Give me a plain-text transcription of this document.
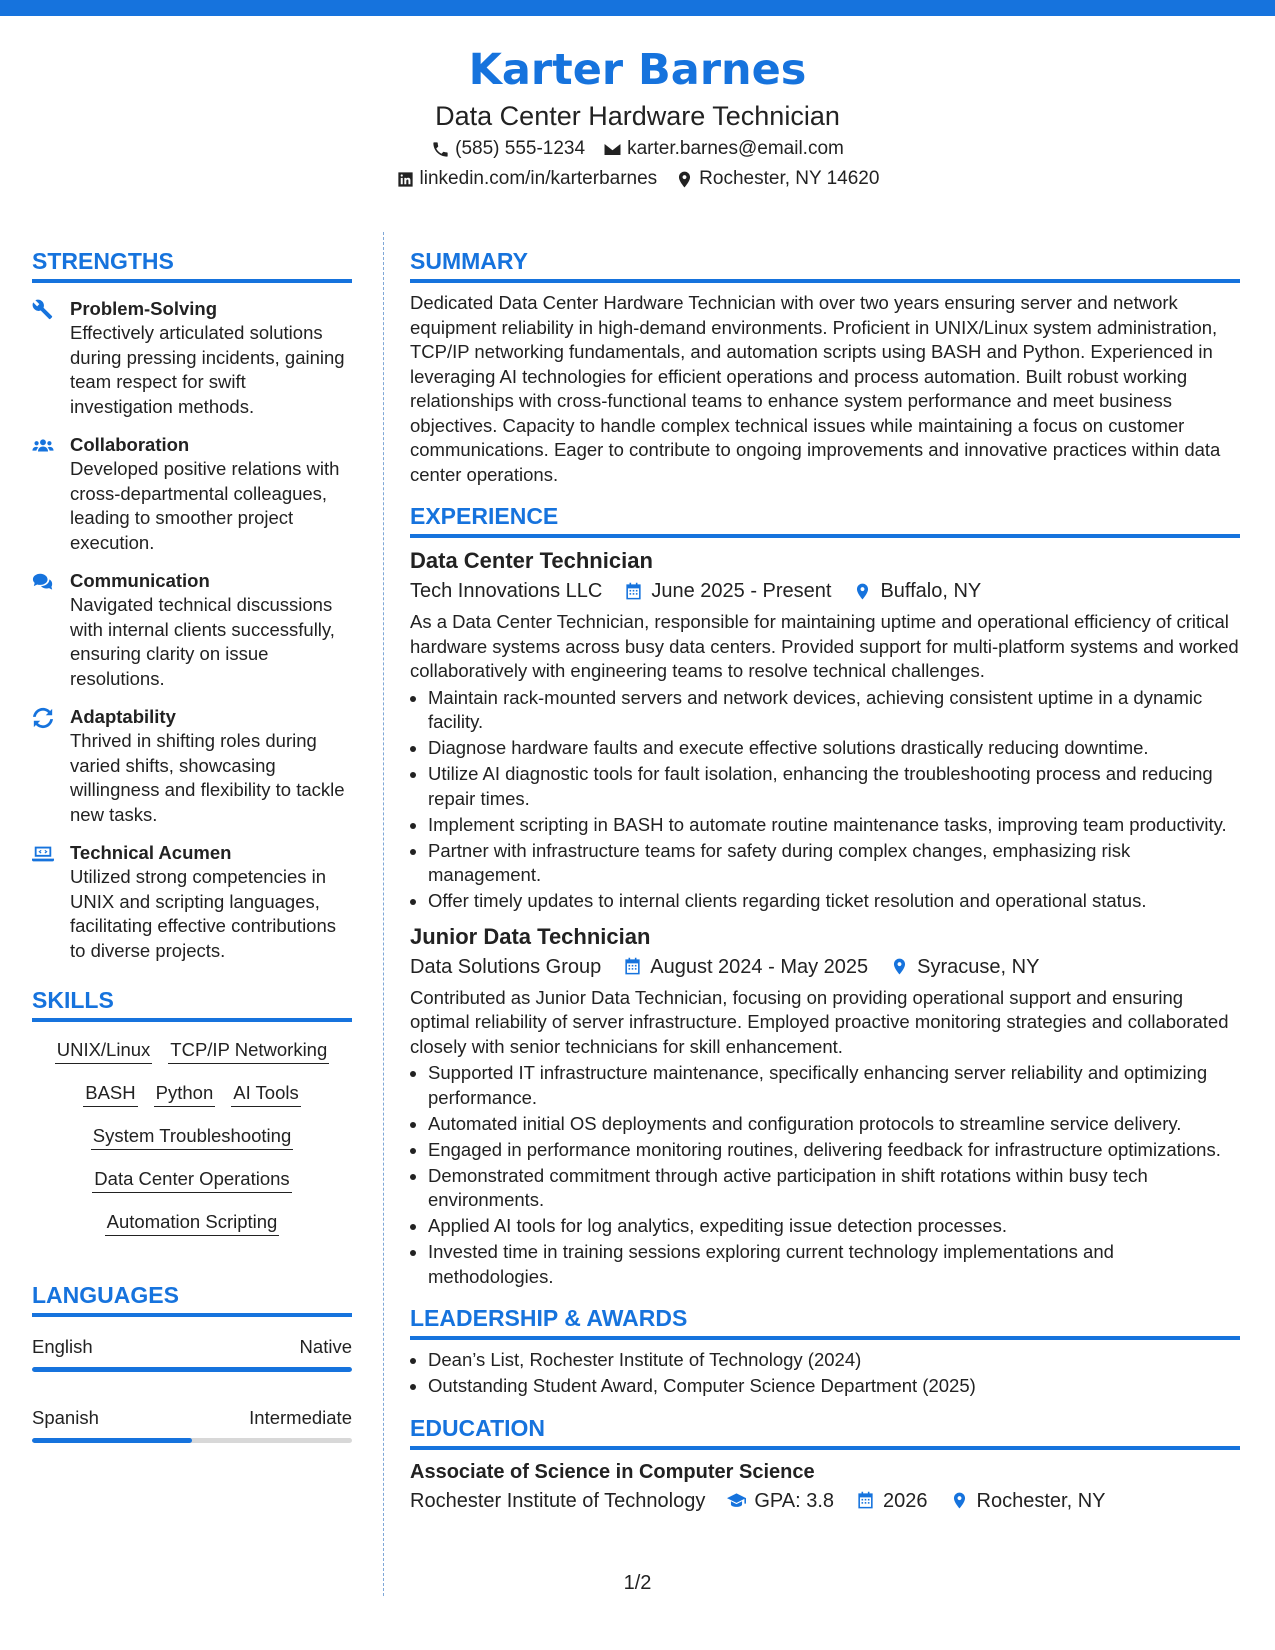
Karter Barnes
Data Center Hardware Technician
(585) 555-1234 karter.barnes@email.com
linkedin.com/in/karterbarnes Rochester, NY 14620
STRENGTHS
Problem-Solving
Effectively articulated solutions during pressing incidents, gaining team respect for swift investigation methods.
Collaboration
Developed positive relations with cross-departmental colleagues, leading to smoother project execution.
Communication
Navigated technical discussions with internal clients successfully, ensuring clarity on issue resolutions.
Adaptability
Thrived in shifting roles during varied shifts, showcasing willingness and flexibility to tackle new tasks.
Technical Acumen
Utilized strong competencies in UNIX and scripting languages, facilitating effective contributions to diverse projects.
SKILLS
UNIX/Linux TCP/IP Networking
BASH Python AI Tools
System Troubleshooting
Data Center Operations
Automation Scripting
LANGUAGES
English	Native
Spanish	Intermediate
SUMMARY
Dedicated Data Center Hardware Technician with over two years ensuring server and network equipment reliability in high-demand environments. Proficient in UNIX/Linux system administration, TCP/IP networking fundamentals, and automation scripts using BASH and Python. Experienced in leveraging AI technologies for efficient operations and process automation. Built robust working relationships with cross-functional teams to enhance system performance and meet business objectives. Capacity to handle complex technical issues while maintaining a focus on customer communications. Eager to contribute to ongoing improvements and innovative practices within data center operations.
EXPERIENCE
Data Center Technician
Tech Innovations LLC June 2025 - Present Buffalo, NY
As a Data Center Technician, responsible for maintaining uptime and operational efficiency of critical hardware systems across busy data centers. Provided support for multi-platform systems and worked collaboratively with engineering teams to resolve technical challenges.
• Maintain rack-mounted servers and network devices, achieving consistent uptime in a dynamic facility.
• Diagnose hardware faults and execute effective solutions drastically reducing downtime.
• Utilize AI diagnostic tools for fault isolation, enhancing the troubleshooting process and reducing repair times.
• Implement scripting in BASH to automate routine maintenance tasks, improving team productivity.
• Partner with infrastructure teams for safety during complex changes, emphasizing risk management.
• Offer timely updates to internal clients regarding ticket resolution and operational status.
Junior Data Technician
Data Solutions Group August 2024 - May 2025 Syracuse, NY
Contributed as Junior Data Technician, focusing on providing operational support and ensuring optimal reliability of server infrastructure. Employed proactive monitoring strategies and collaborated closely with senior technicians for skill enhancement.
• Supported IT infrastructure maintenance, specifically enhancing server reliability and optimizing performance.
• Automated initial OS deployments and configuration protocols to streamline service delivery.
• Engaged in performance monitoring routines, delivering feedback for infrastructure optimizations.
• Demonstrated commitment through active participation in shift rotations within busy tech environments.
• Applied AI tools for log analytics, expediting issue detection processes.
• Invested time in training sessions exploring current technology implementations and methodologies.
LEADERSHIP & AWARDS
• Dean’s List, Rochester Institute of Technology (2024)
• Outstanding Student Award, Computer Science Department (2025)
EDUCATION
Associate of Science in Computer Science
Rochester Institute of Technology GPA: 3.8 2026 Rochester, NY
1/2
